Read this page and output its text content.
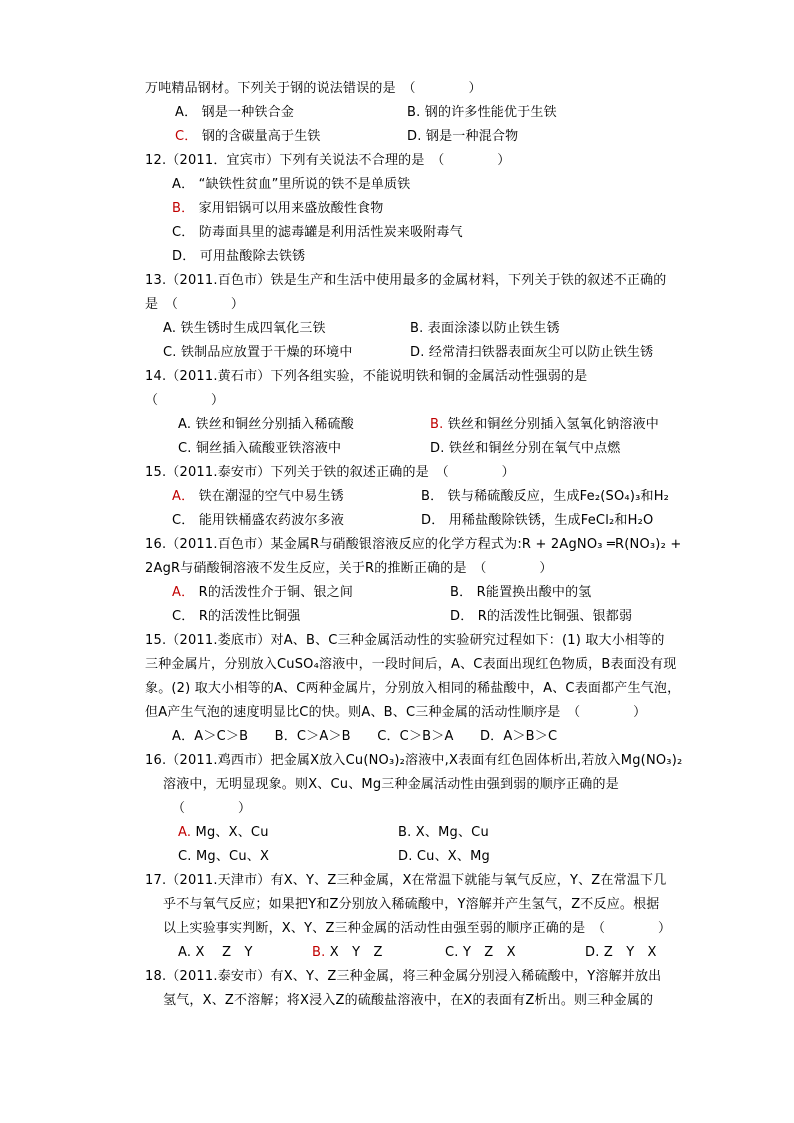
万吨精品钢材。下列关于钢的说法错误的是　（　　　　）
A． 钢是一种铁合金	B. 钢的许多性能优于生铁
C． 钢的含碳量高于生铁	D. 钢是一种混合物
12.（2011．宜宾市）下列有关说法不合理的是　（　　　　）
A． “缺铁性贫血”里所说的铁不是单质铁
B． 家用铝锅可以用来盛放酸性食物
C． 防毒面具里的滤毒罐是利用活性炭来吸附毒气
D． 可用盐酸除去铁锈
13.（2011.百色市）铁是生产和生活中使用最多的金属材料，下列关于铁的叙述不正确的
是　（　　　　）
A. 铁生锈时生成四氧化三铁	B. 表面涂漆以防止铁生锈
C. 铁制品应放置于干燥的环境中	D. 经常清扫铁器表面灰尘可以防止铁生锈
14.（2011.黄石市）下列各组实验，不能说明铁和铜的金属活动性强弱的是
（　　　　）
A. 铁丝和铜丝分别插入稀硫酸	B. 铁丝和铜丝分别插入氢氧化钠溶液中
C. 铜丝插入硫酸亚铁溶液中	D. 铁丝和铜丝分别在氧气中点燃
15.（2011.泰安市）下列关于铁的叙述正确的是　（　　　　）
A． 铁在潮湿的空气中易生锈	B． 铁与稀硫酸反应，生成Fe₂(SO₄)₃和H₂
C． 能用铁桶盛农药波尔多液	D． 用稀盐酸除铁锈，生成FeCl₂和H₂O
16.（2011.百色市）某金属R与硝酸银溶液反应的化学方程式为:R + 2AgNO₃ ═R(NO₃)₂ +
2AgR与硝酸铜溶液不发生反应，关于R的推断正确的是　（　　　　）
A． R的活泼性介于铜、银之间	B． R能置换出酸中的氢
C． R的活泼性比铜强	D． R的活泼性比铜强、银都弱
15.（2011.娄底市）对A、B、C三种金属活动性的实验研究过程如下：(1) 取大小相等的
三种金属片，分别放入CuSO₄溶液中，一段时间后，A、C表面出现红色物质，B表面没有现
象。(2) 取大小相等的A、C两种金属片，分别放入相同的稀盐酸中，A、C表面都产生气泡，
但A产生气泡的速度明显比C的快。则A、B、C三种金属的活动性顺序是　（　　　　）
A．A＞C＞B　　B．C＞A＞B　　C．C＞B＞A　　D．A＞B＞C
16.（2011.鸡西市）把金属X放入Cu(NO₃)₂溶液中,X表面有红色固体析出,若放入Mg(NO₃)₂
溶液中，无明显现象。则X、Cu、Mg三种金属活动性由强到弱的顺序正确的是
（　　　　）
A. Mg、X、Cu	B. X、Mg、Cu
C. Mg、Cu、X	D. Cu、X、Mg
17.（2011.天津市）有X、Y、Z三种金属，X在常温下就能与氧气反应，Y、Z在常温下几
乎不与氧气反应；如果把Y和Z分别放入稀硫酸中，Y溶解并产生氢气，Z不反应。根据
以上实验事实判断，X、Y、Z三种金属的活动性由强至弱的顺序正确的是　（　　　　）
A. X　 Z　Y	B. X　Y　Z	C. Y　Z　X	D. Z　Y　X
18.（2011.泰安市）有X、Y、Z三种金属，将三种金属分别浸入稀硫酸中，Y溶解并放出
氢气，X、Z不溶解；将X浸入Z的硫酸盐溶液中，在X的表面有Z析出。则三种金属的
